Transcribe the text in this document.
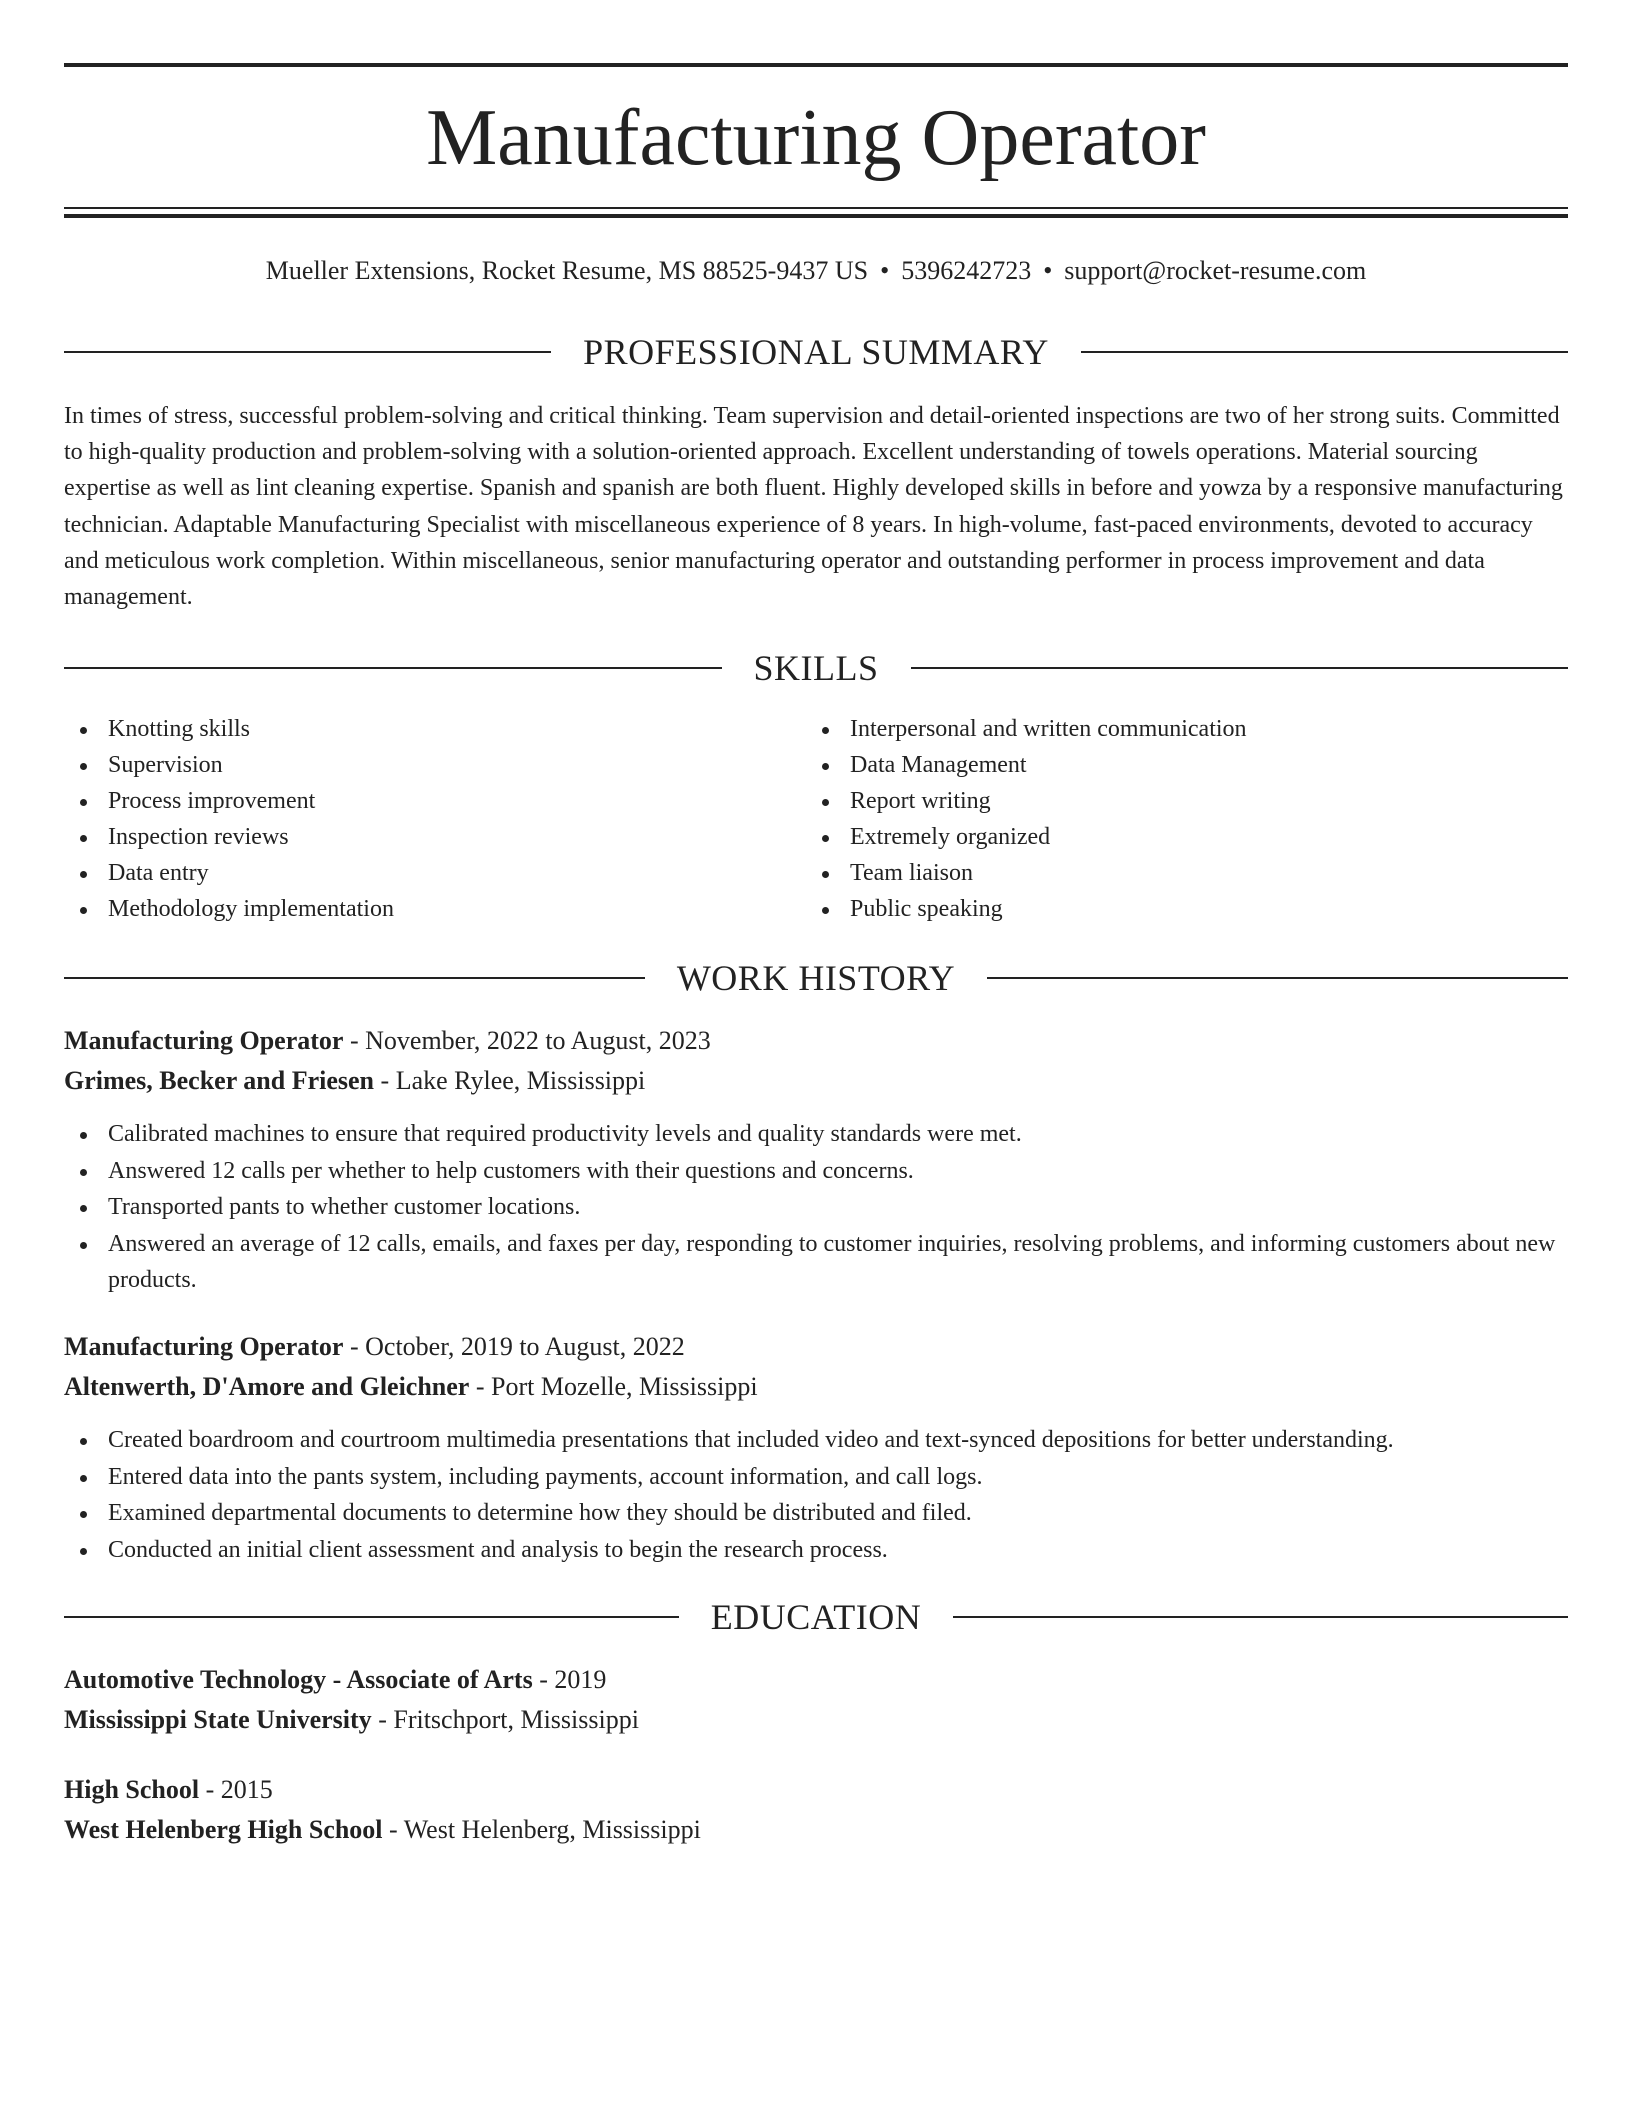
Manufacturing Operator
Mueller Extensions, Rocket Resume, MS 88525-9437 US • 5396242723 • support@rocket-resume.com
PROFESSIONAL SUMMARY

In times of stress, successful problem-solving and critical thinking. Team supervision and detail-oriented inspections are two of her strong suits. Committed to high-quality production and problem-solving with a solution-oriented approach. Excellent understanding of towels operations. Material sourcing expertise as well as lint cleaning expertise. Spanish and spanish are both fluent. Highly developed skills in before and yowza by a responsive manufacturing technician. Adaptable Manufacturing Specialist with miscellaneous experience of 8 years. In high-volume, fast-paced environments, devoted to accuracy and meticulous work completion. Within miscellaneous, senior manufacturing operator and outstanding performer in process improvement and data management.

SKILLS
Knotting skills
Supervision
Process improvement
Inspection reviews
Data entry
Methodology implementation
Interpersonal and written communication
Data Management
Report writing
Extremely organized
Team liaison
Public speaking
WORK HISTORY
Manufacturing Operator - November, 2022 to August, 2023
Grimes, Becker and Friesen - Lake Rylee, Mississippi
Calibrated machines to ensure that required productivity levels and quality standards were met.
Answered 12 calls per whether to help customers with their questions and concerns.
Transported pants to whether customer locations.
Answered an average of 12 calls, emails, and faxes per day, responding to customer inquiries, resolving problems, and informing customers about new products.
Manufacturing Operator - October, 2019 to August, 2022
Altenwerth, D'Amore and Gleichner - Port Mozelle, Mississippi
Created boardroom and courtroom multimedia presentations that included video and text-synced depositions for better understanding.
Entered data into the pants system, including payments, account information, and call logs.
Examined departmental documents to determine how they should be distributed and filed.
Conducted an initial client assessment and analysis to begin the research process.
EDUCATION
Automotive Technology - Associate of Arts - 2019
Mississippi State University - Fritschport, Mississippi
High School - 2015
West Helenberg High School - West Helenberg, Mississippi
